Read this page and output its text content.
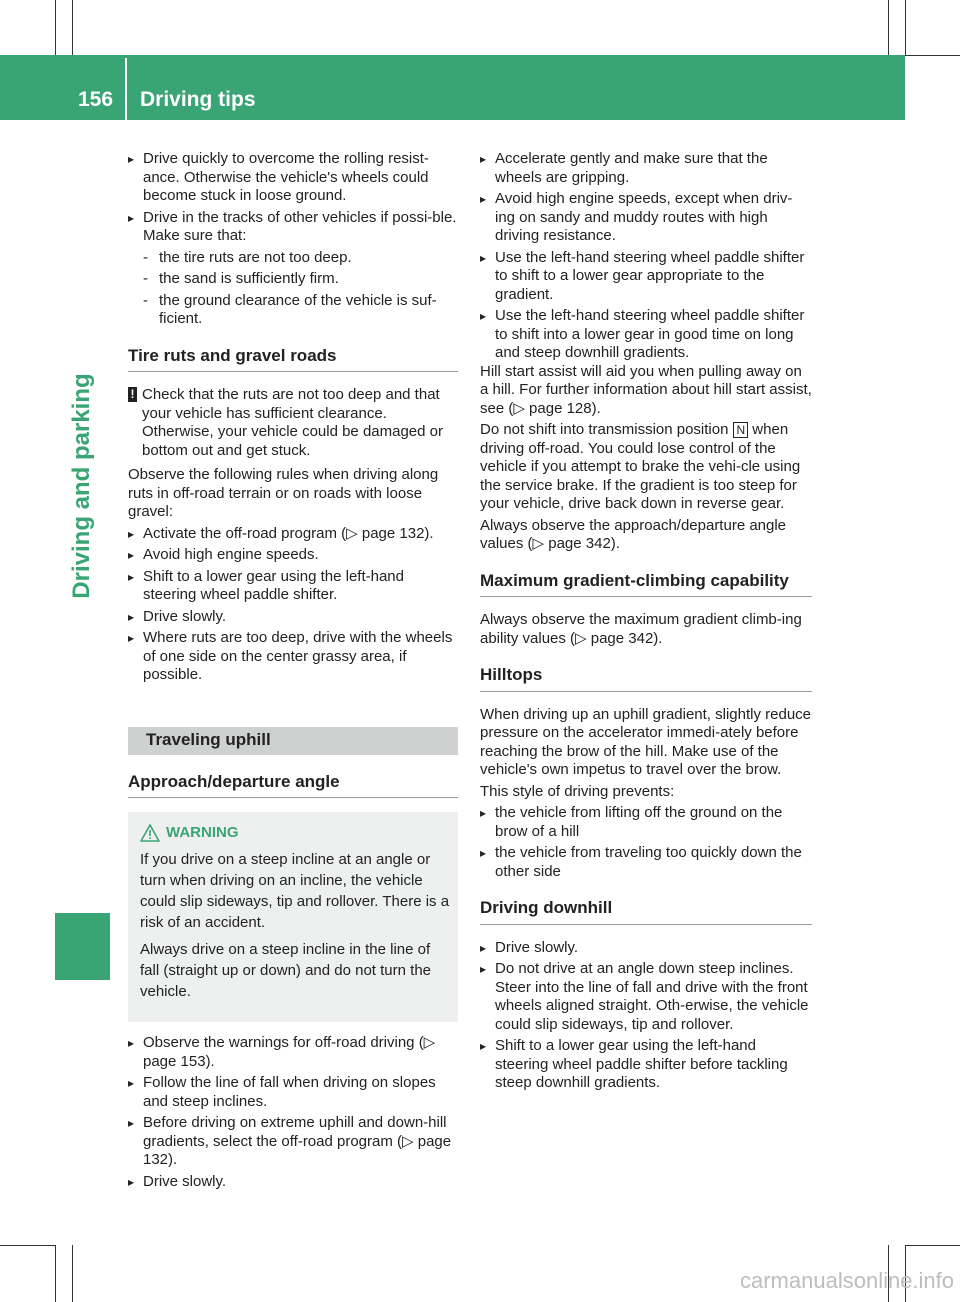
156 Driving tips
Driving and parking
▸ Drive quickly to overcome the rolling resist-ance. Otherwise the vehicle's wheels could become stuck in loose ground.
▸ Drive in the tracks of other vehicles if possi-ble. Make sure that:
- the tire ruts are not too deep.
- the sand is sufficiently firm.
- the ground clearance of the vehicle is suf-ficient.
Tire ruts and gravel roads
! Check that the ruts are not too deep and that your vehicle has sufficient clearance. Otherwise, your vehicle could be damaged or bottom out and get stuck.

Observe the following rules when driving along ruts in off-road terrain or on roads with loose gravel:

▸ Activate the off-road program (▷ page 132).
▸ Avoid high engine speeds.
▸ Shift to a lower gear using the left-hand steering wheel paddle shifter.
▸ Drive slowly.
▸ Where ruts are too deep, drive with the wheels of one side on the center grassy area, if possible.
Traveling uphill
Approach/departure angle
WARNING

If you drive on a steep incline at an angle or turn when driving on an incline, the vehicle could slip sideways, tip and rollover. There is a risk of an accident.

Always drive on a steep incline in the line of fall (straight up or down) and do not turn the vehicle.

▸ Observe the warnings for off-road driving (▷ page 153).
▸ Follow the line of fall when driving on slopes and steep inclines.
▸ Before driving on extreme uphill and down-hill gradients, select the off-road program (▷ page 132).
▸ Drive slowly.
▸ Accelerate gently and make sure that the wheels are gripping.
▸ Avoid high engine speeds, except when driv-ing on sandy and muddy routes with high driving resistance.
▸ Use the left-hand steering wheel paddle shifter to shift to a lower gear appropriate to the gradient.
▸ Use the left-hand steering wheel paddle shifter to shift into a lower gear in good time on long and steep downhill gradients.

Hill start assist will aid you when pulling away on a hill. For further information about hill start assist, see (▷ page 128).

Do not shift into transmission position N when driving off-road. You could lose control of the vehicle if you attempt to brake the vehi-cle using the service brake. If the gradient is too steep for your vehicle, drive back down in reverse gear.

Always observe the approach/departure angle values (▷ page 342).

Maximum gradient-climbing capability

Always observe the maximum gradient climb-ing ability values (▷ page 342).

Hilltops

When driving up an uphill gradient, slightly reduce pressure on the accelerator immedi-ately before reaching the brow of the hill. Make use of the vehicle's own impetus to travel over the brow.

This style of driving prevents:

▸ the vehicle from lifting off the ground on the brow of a hill
▸ the vehicle from traveling too quickly down the other side
Driving downhill
▸ Drive slowly.
▸ Do not drive at an angle down steep inclines. Steer into the line of fall and drive with the front wheels aligned straight. Oth-erwise, the vehicle could slip sideways, tip and rollover.
▸ Shift to a lower gear using the left-hand steering wheel paddle shifter before tackling steep downhill gradients.
carmanualsonline.info
